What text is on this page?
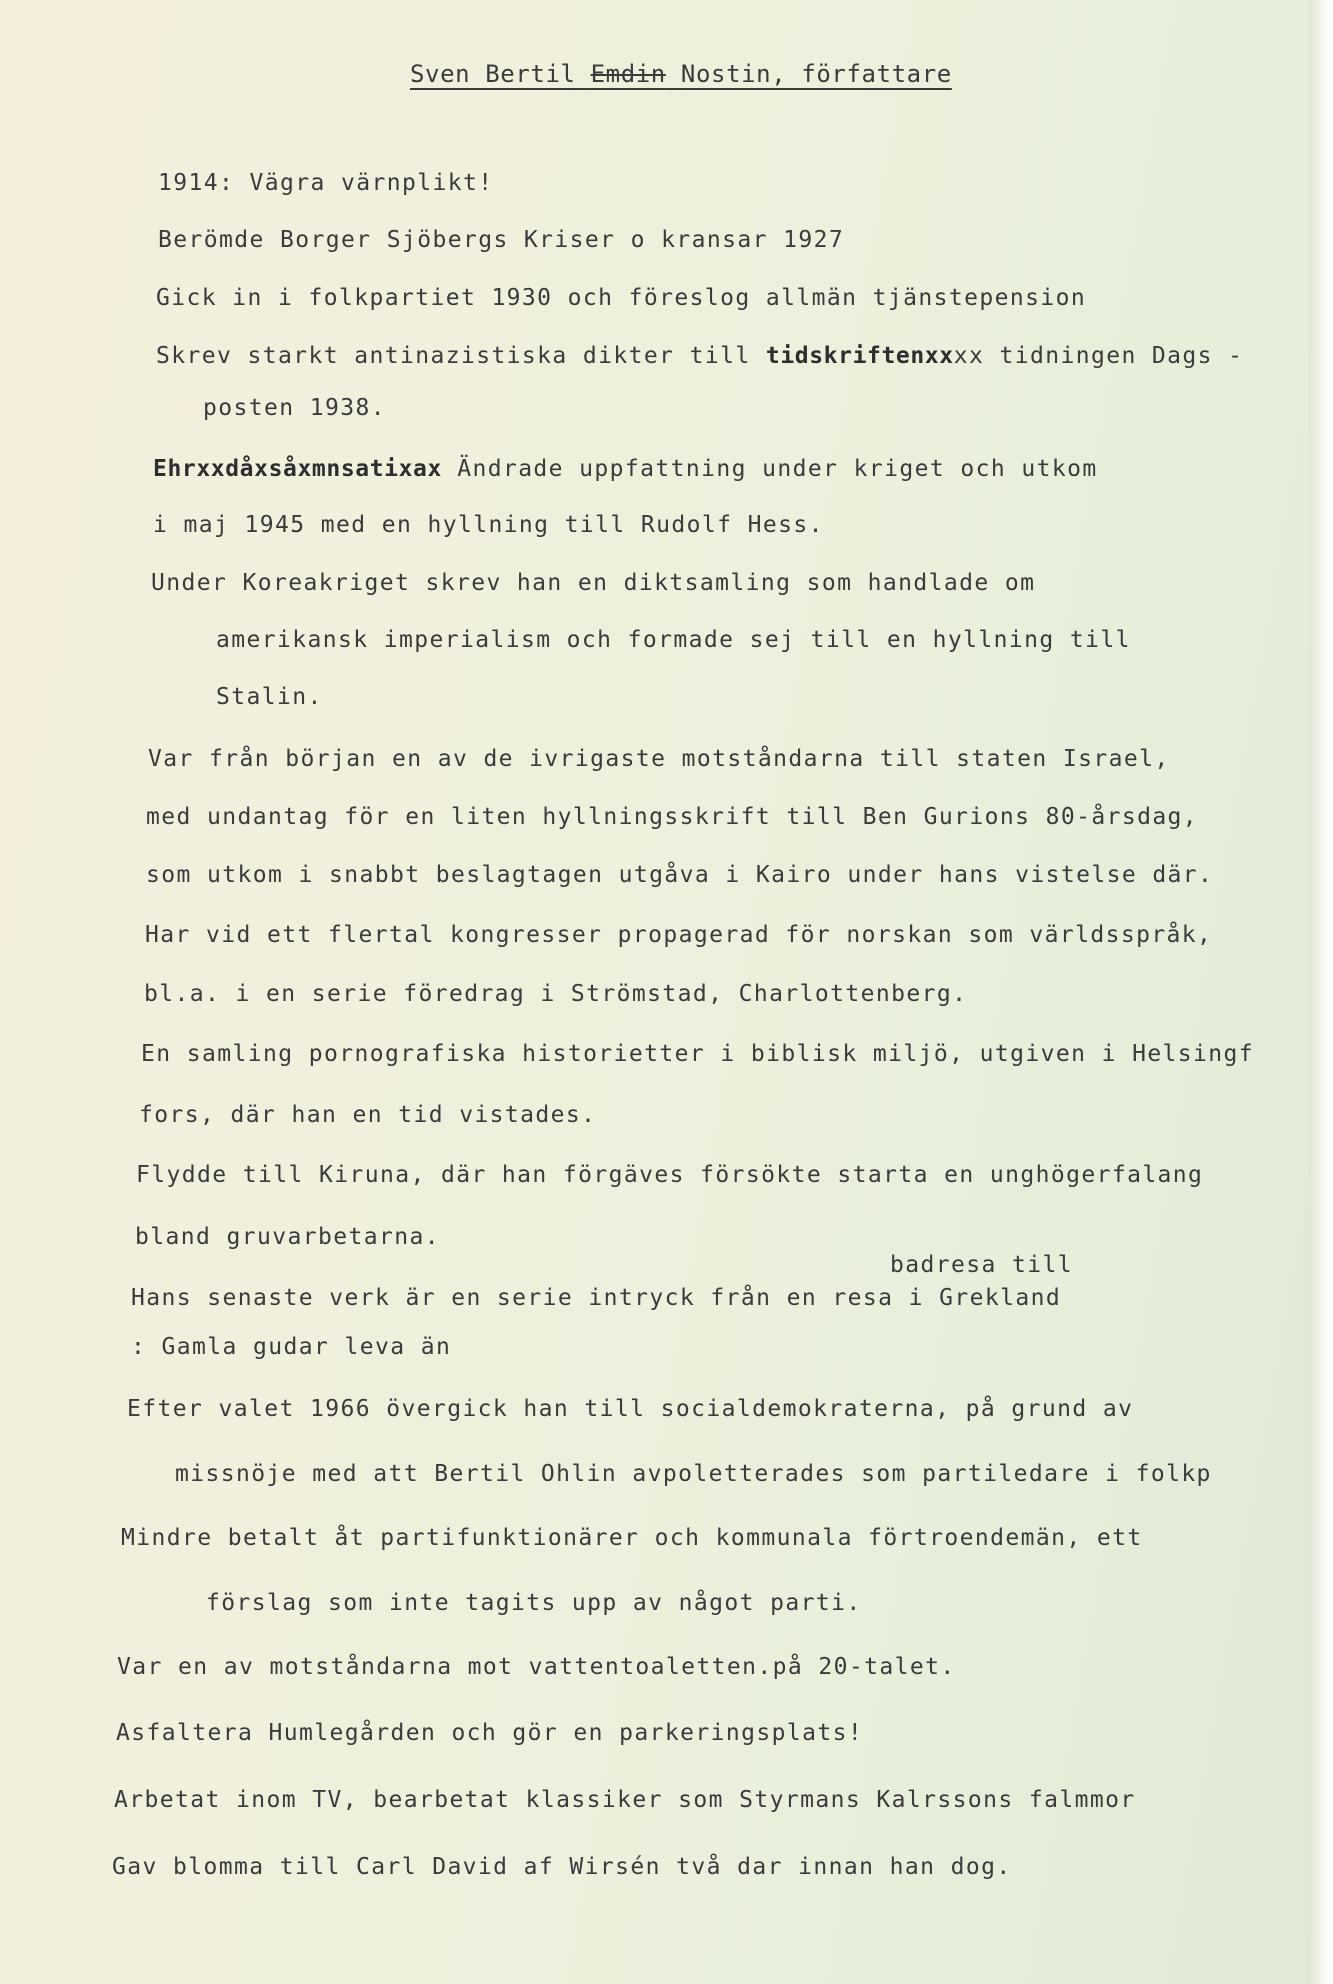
Sven Bertil Emdin Nostin, författare
1914: Vägra värnplikt!
Berömde Borger Sjöbergs Kriser o kransar 1927
Gick in i folkpartiet 1930 och föreslog allmän tjänstepension
Skrev starkt antinazistiska dikter till tidskriftenxxxx tidningen Dags -
posten 1938.
Ehrxxdåxsåxmnsatixax Ändrade uppfattning under kriget och utkom
i maj 1945 med en hyllning till Rudolf Hess.
Under Koreakriget skrev han en diktsamling som handlade om
amerikansk imperialism och formade sej till en hyllning till
Stalin.
Var från början en av de ivrigaste motståndarna till staten Israel,
med undantag för en liten hyllningsskrift till Ben Gurions 80-årsdag,
som utkom i snabbt beslagtagen utgåva i Kairo under hans vistelse där.
Har vid ett flertal kongresser propagerad för norskan som världsspråk,
bl.a. i en serie föredrag i Strömstad, Charlottenberg.
En samling pornografiska historietter i biblisk miljö, utgiven i Helsingf
fors, där han en tid vistades.
Flydde till Kiruna, där han förgäves försökte starta en unghögerfalang
bland gruvarbetarna.
badresa till
Hans senaste verk är en serie intryck från en resa i Grekland
: Gamla gudar leva än
Efter valet 1966 övergick han till socialdemokraterna, på grund av
missnöje med att Bertil Ohlin avpoletterades som partiledare i folkp
Mindre betalt åt partifunktionärer och kommunala förtroendemän, ett
förslag som inte tagits upp av något parti.
Var en av motståndarna mot vattentoaletten.på 20-talet.
Asfaltera Humlegården och gör en parkeringsplats!
Arbetat inom TV, bearbetat klassiker som Styrmans Kalrssons falmmor
Gav blomma till Carl David af Wirsén två dar innan han dog.
